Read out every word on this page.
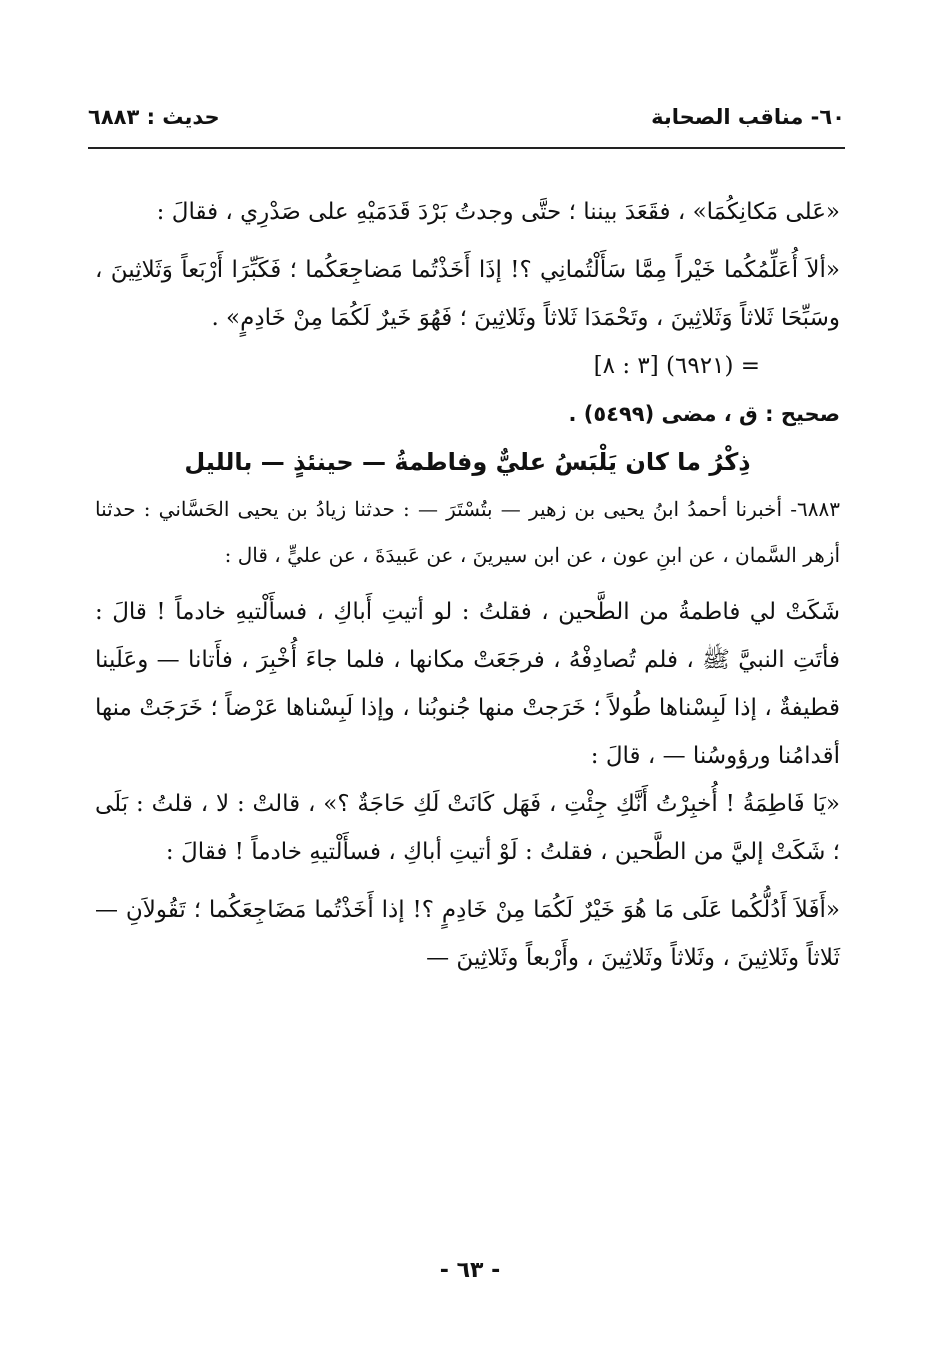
٦٠- مناقب الصحابة
حديث : ٦٨٨٣

«عَلى مَكانِكُمَا» ، فقَعَدَ بيننا ؛ حتَّى وجدتُ بَرْدَ قَدَمَيْهِ على صَدْرِي ، فقالَ :

«ألاَ أُعَلِّمُكُما خَيْراً مِمَّا سَأَلْتُمانِي ؟! إذَا أَخَذْتُما مَضاجِعَكُما ؛ فَكَبِّرَا أَرْبَعاً وَثَلاثِينَ ، وسَبِّحَا ثَلاثاً وَثَلاثِينَ ، وتَحْمَدَا ثَلاثاً وثَلاثِينَ ؛ فَهُوَ خَيرٌ لَكُمَا مِنْ خَادِمٍ» .

= (٦٩٢١) [٣ : ٨]

صحيح : ق ، مضى (٥٤٩٩) .

ذِكْرُ ما كان يَلْبَسُ عليٌّ وفاطمةُ — حينئذٍ — بالليل

٦٨٨٣- أخبرنا أحمدُ ابنُ يحيى بن زهير — بتُسْتَرَ — : حدثنا زيادُ بن يحيى الحَسَّاني : حدثنا أزهر السَّمان ، عن ابنِ عون ، عن ابن سيرينَ ، عن عَبيدَةَ ، عن عليٍّ ، قال :

شَكَتْ لي فاطمةُ من الطَّحين ، فقلتُ : لو أتيتِ أَباكِ ، فسأَلْتيهِ خادماً ! قالَ : فأتَتِ النبيَّ ﷺ ، فلم تُصادِفْهُ ، فرجَعَتْ مكانها ، فلما جاءَ أُخْبِرَ ، فأَتانا — وعَلَينا قطيفةٌ ، إذا لَبِسْناها طُولاً ؛ خَرَجتْ منها جُنوبُنا ، وإذا لَبِسْناها عَرْضاً ؛ خَرَجَتْ منها أقدامُنا ورؤوسُنا — ، قالَ :

«يَا فَاطِمَةُ ! أُخبِرْتُ أَنَّكِ جِئْتِ ، فَهَل كَانَتْ لَكِ حَاجَةٌ ؟» ، قالتْ : لا ، قلتُ : بَلَى ؛ شَكَتْ إليَّ من الطَّحين ، فقلتُ : لَوْ أتيتِ أباكِ ، فسأَلْتيهِ خادماً ! فقالَ :

«أَفَلاَ أَدُلُّكُما عَلَى مَا هُوَ خَيْرٌ لَكُمَا مِنْ خَادِمٍ ؟! إذا أَخَذْتُما مَضَاجِعَكُما ؛ تَقُولاَنِ — ثَلاثاً وثَلاثِينَ ، وثَلاثاً وثَلاثِينَ ، وأَرْبعاً وثَلاثِينَ —

- ٦٣ -
